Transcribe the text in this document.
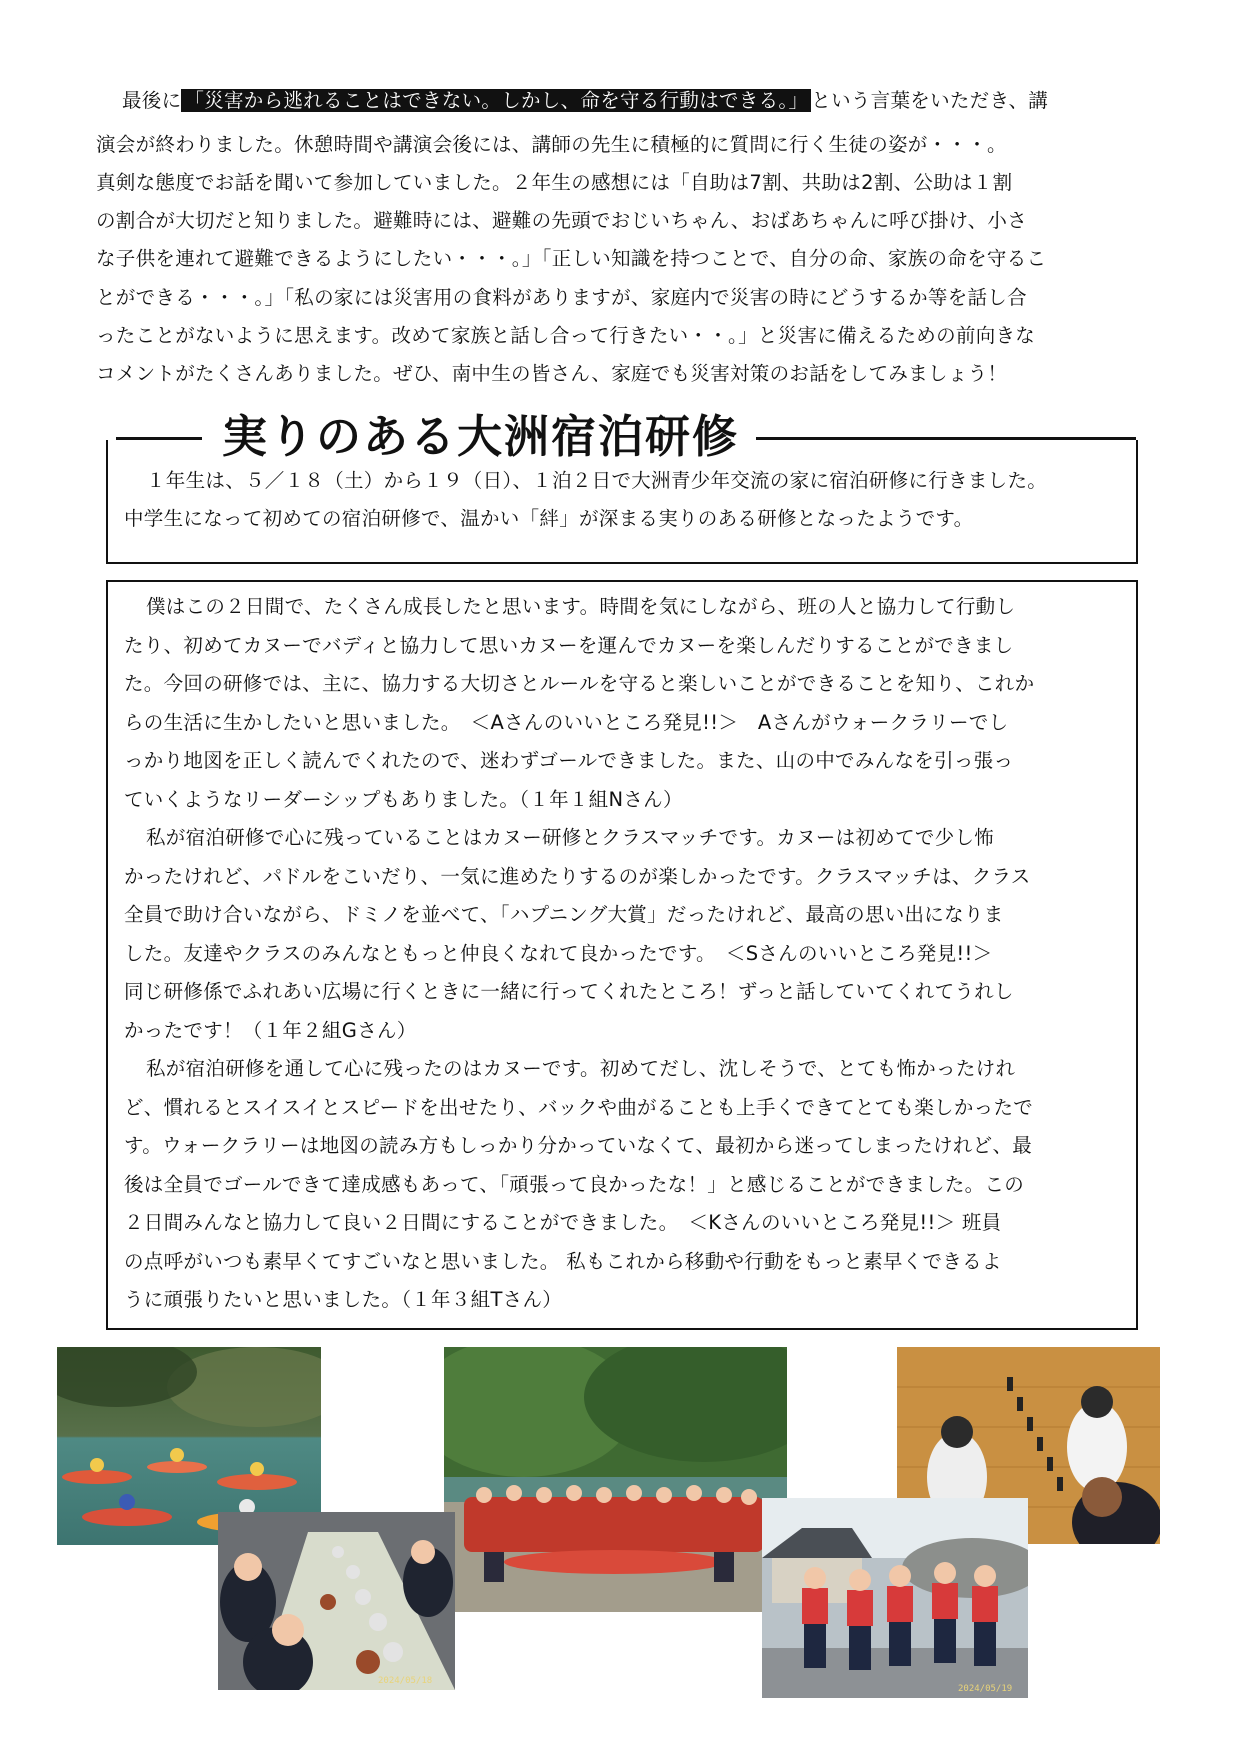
最後に 「災害から逃れることはできない。しかし、命を守る行動はできる。」 という言葉をいただき、講
演会が終わりました。休憩時間や講演会後には、講師の先生に積極的に質問に行く生徒の姿が・・・。
真剣な態度でお話を聞いて参加していました。２年生の感想には「自助は7割、共助は2割、公助は１割
の割合が大切だと知りました。避難時には、避難の先頭でおじいちゃん、おばあちゃんに呼び掛け、小さ
な子供を連れて避難できるようにしたい・・・。」「正しい知識を持つことで、自分の命、家族の命を守るこ
とができる・・・。」「私の家には災害用の食料がありますが、家庭内で災害の時にどうするか等を話し合
ったことがないように思えます。改めて家族と話し合って行きたい・・。」と災害に備えるための前向きな
コメントがたくさんありました。ぜひ、南中生の皆さん、家庭でも災害対策のお話をしてみましょう！
実りのある大洲宿泊研修
１年生は、５／１８（土）から１９（日）、１泊２日で大洲青少年交流の家に宿泊研修に行きました。
中学生になって初めての宿泊研修で、温かい「絆」が深まる実りのある研修となったようです。
僕はこの２日間で、たくさん成長したと思います。時間を気にしながら、班の人と協力して行動し
たり、初めてカヌーでバディと協力して思いカヌーを運んでカヌーを楽しんだりすることができまし
た。今回の研修では、主に、協力する大切さとルールを守ると楽しいことができることを知り、これか
らの生活に生かしたいと思いました。　＜Aさんのいいところ発見!!＞　Aさんがウォークラリーでし
っかり地図を正しく読んでくれたので、迷わずゴールできました。また、山の中でみんなを引っ張っ
ていくようなリーダーシップもありました。（１年１組Nさん）
私が宿泊研修で心に残っていることはカヌー研修とクラスマッチです。カヌーは初めてで少し怖
かったけれど、パドルをこいだり、一気に進めたりするのが楽しかったです。クラスマッチは、クラス
全員で助け合いながら、ドミノを並べて、「ハプニング大賞」だったけれど、最高の思い出になりま
した。友達やクラスのみんなともっと仲良くなれて良かったです。　＜Sさんのいいところ発見!!＞
同じ研修係でふれあい広場に行くときに一緒に行ってくれたところ！ずっと話していてくれてうれし
かったです！（１年２組Gさん）
私が宿泊研修を通して心に残ったのはカヌーです。初めてだし、沈しそうで、とても怖かったけれ
ど、慣れるとスイスイとスピードを出せたり、バックや曲がることも上手くできてとても楽しかったで
す。ウォークラリーは地図の読み方もしっかり分かっていなくて、最初から迷ってしまったけれど、最
後は全員でゴールできて達成感もあって、「頑張って良かったな！」と感じることができました。この
２日間みんなと協力して良い２日間にすることができました。　＜Kさんのいいところ発見!!＞ 班員
の点呼がいつも素早くてすごいなと思いました。 私もこれから移動や行動をもっと素早くできるよ
うに頑張りたいと思いました。（１年３組Tさん）
2024/05/18
2024/05/19
